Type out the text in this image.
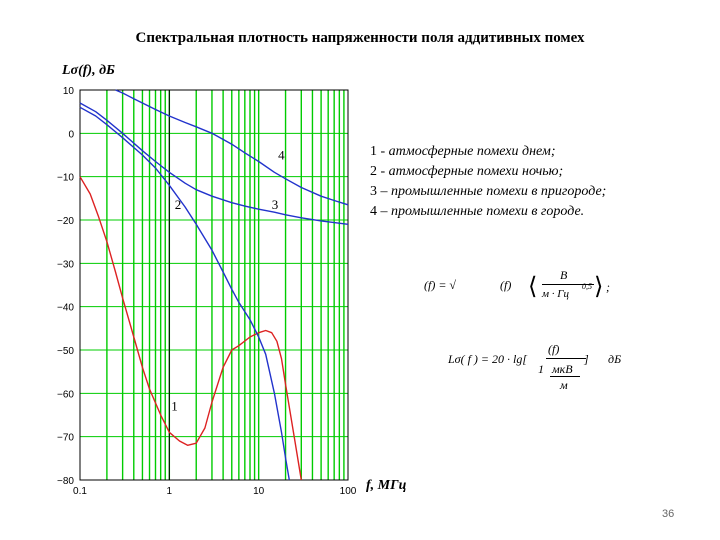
Спектральная плотность напряженности поля аддитивных помех
Lσ(f), дБ
f, МГц
10
0
−10
−20
−30
−40
−50
−60
−70
−80
0.1	1	10	100
1
2	3
4	1 - атмосферные помехи днем;
2 - атмосферные помехи ночью;
3 – промышленные помехи в пригороде;
4 – промышленные помехи в городе.
(f) = √	(f) ⟨ B
м · Гц
0,5 ⟩ ;
Lσ( f ) = 20 · lg[
(f)
1 мкВ
м
] дБ
36
